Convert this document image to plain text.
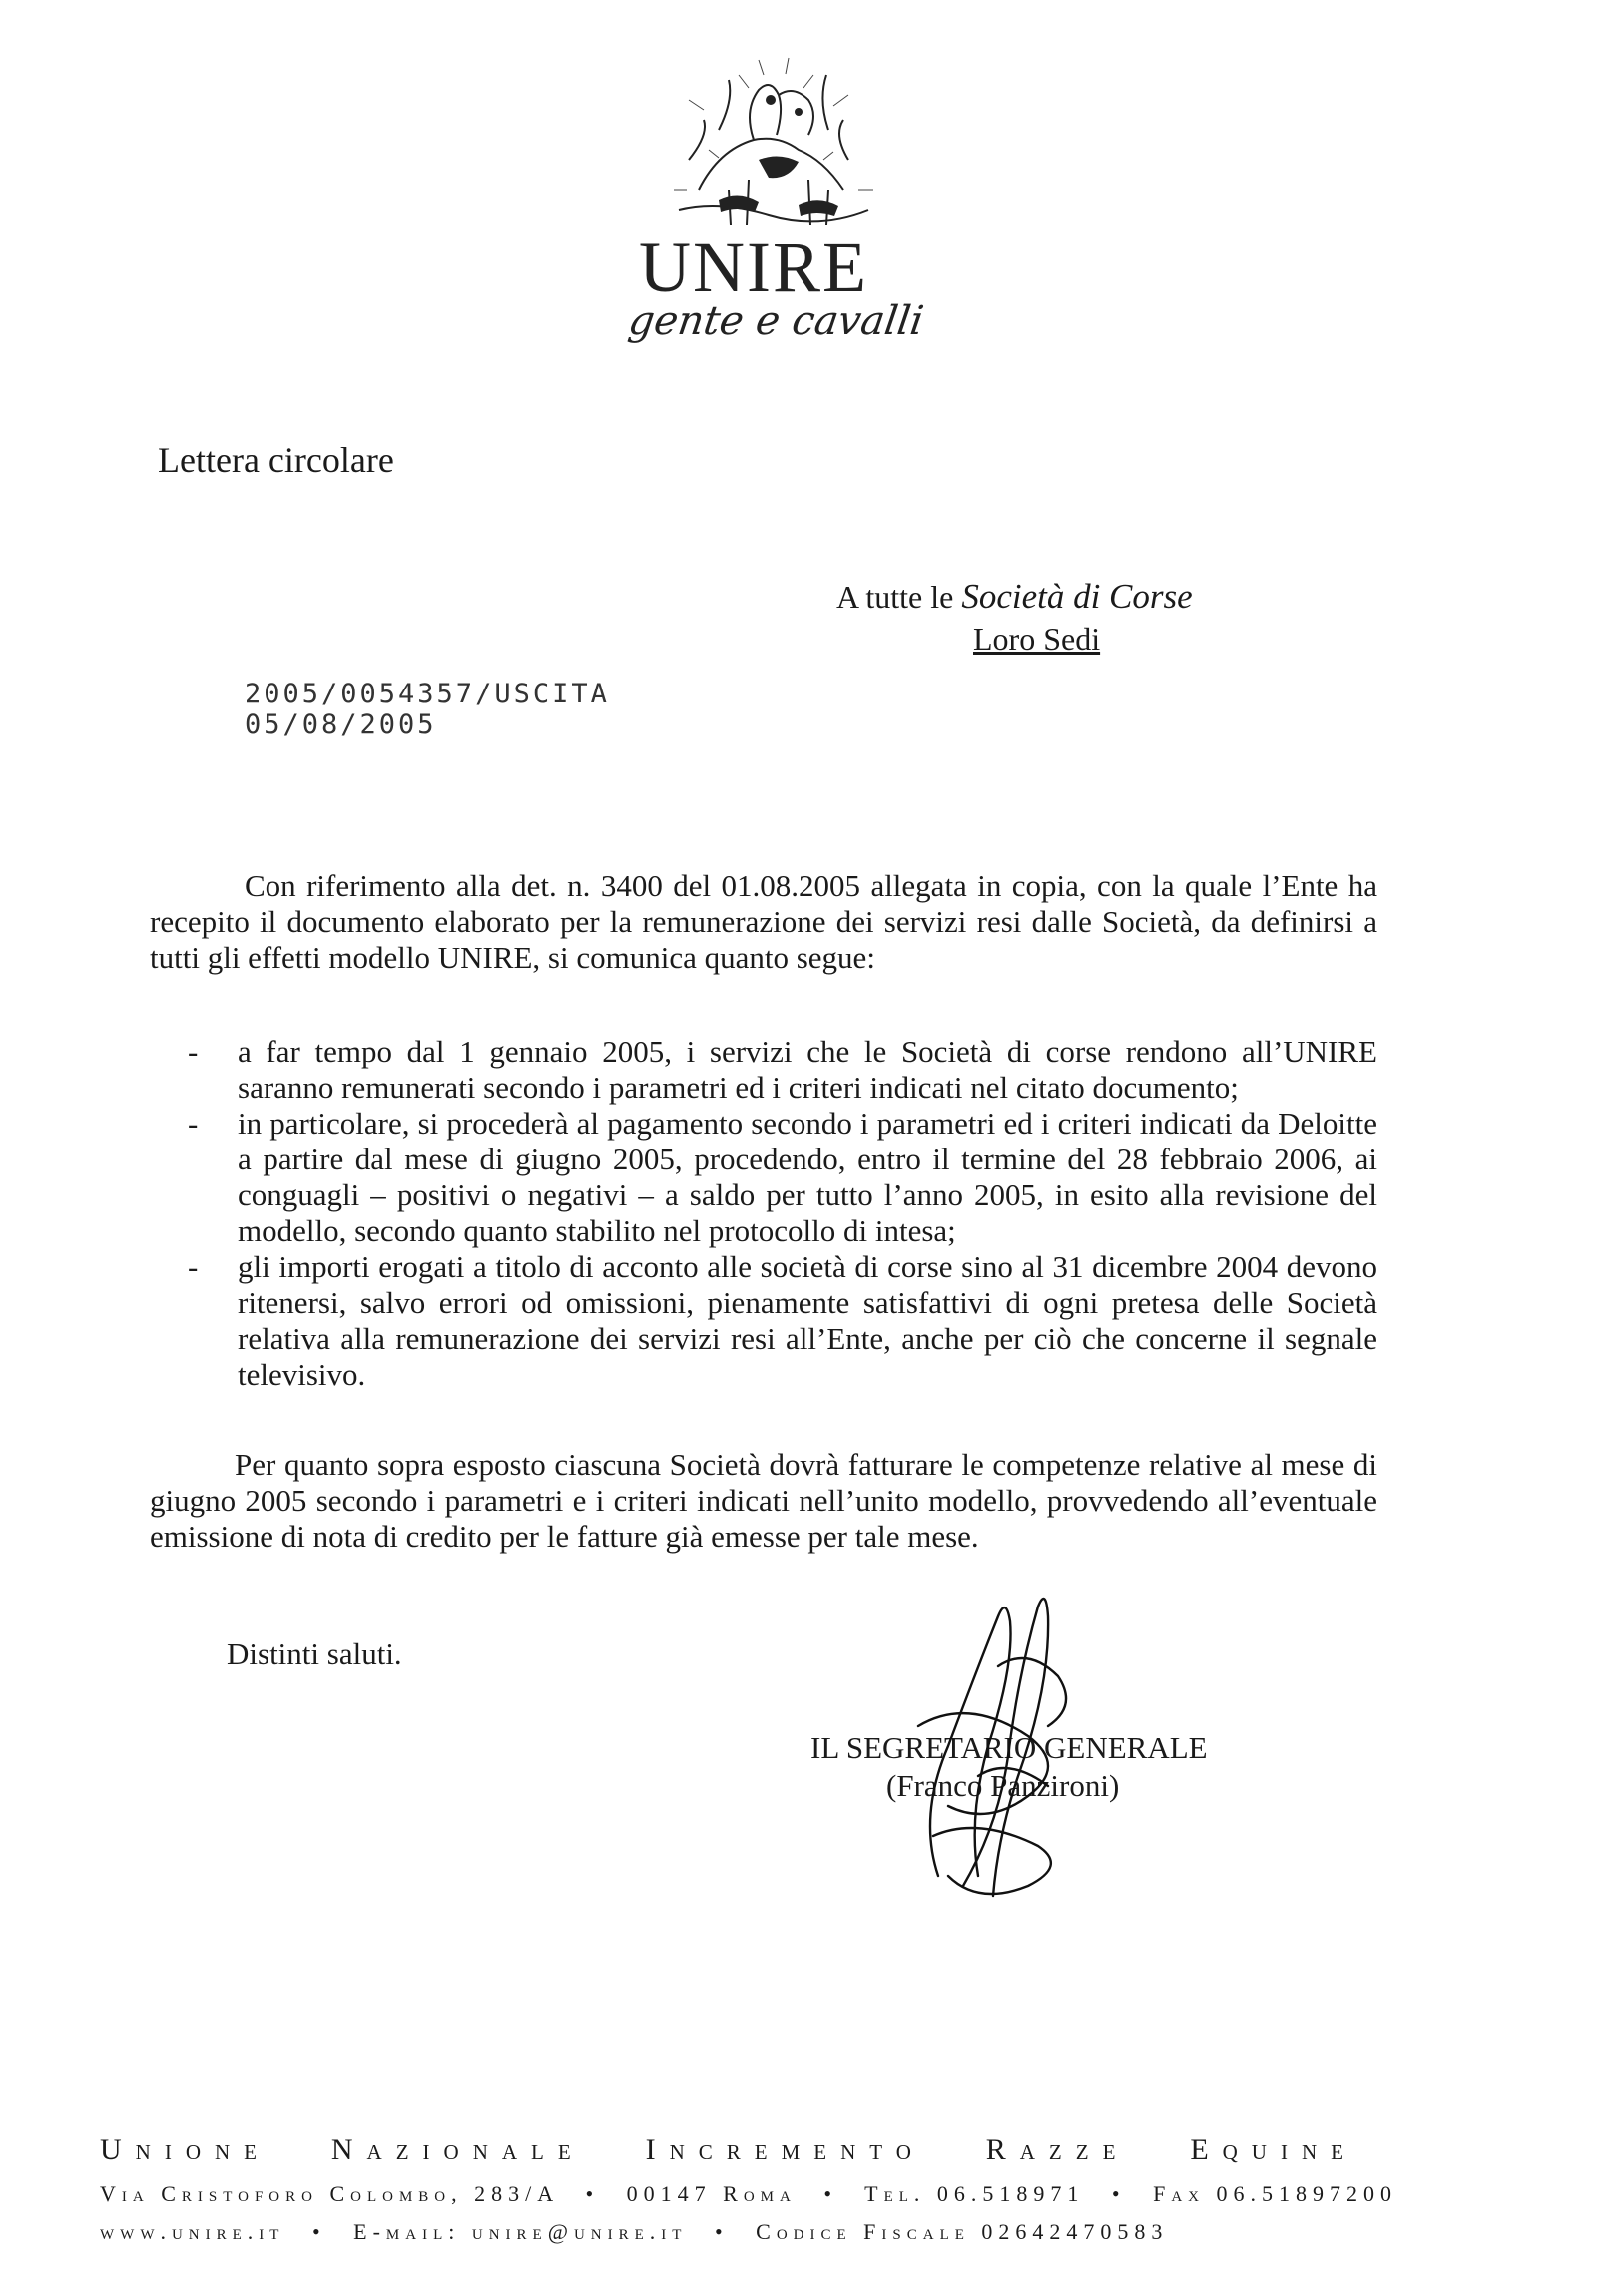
UNIRE
gente e cavalli
Lettera circolare
A tutte le Società di Corse
Loro Sedi
2005/0054357/USCITA
05/08/2005
Con riferimento alla det. n. 3400 del 01.08.2005 allegata in copia, con la quale l’Ente ha recepito il documento elaborato per la remunerazione dei servizi resi dalle Società, da definirsi a tutti gli effetti modello UNIRE, si comunica quanto segue:
- a far tempo dal 1 gennaio 2005, i servizi che le Società di corse rendono all’UNIRE saranno remunerati secondo i parametri ed i criteri indicati nel citato documento;
- in particolare, si procederà al pagamento secondo i parametri ed i criteri indicati da Deloitte a partire dal mese di giugno 2005, procedendo, entro il termine del 28 febbraio 2006, ai conguagli – positivi o negativi – a saldo per tutto l’anno 2005, in esito alla revisione del modello, secondo quanto stabilito nel protocollo di intesa;
- gli importi erogati a titolo di acconto alle società di corse sino al 31 dicembre 2004 devono ritenersi, salvo errori od omissioni, pienamente satisfattivi di ogni pretesa delle Società relativa alla remunerazione dei servizi resi all’Ente, anche per ciò che concerne il segnale televisivo.
Per quanto sopra esposto ciascuna Società dovrà fatturare le competenze relative al mese di giugno 2005 secondo i parametri e i criteri indicati nell’unito modello, provvedendo all’eventuale emissione di nota di credito per le fatture già emesse per tale mese.
Distinti saluti.
IL SEGRETARIO GENERALE
(Franco Panzironi)
Unione Nazionale Incremento Razze Equine
Via Cristoforo Colombo, 283/A • 00147 Roma • Tel. 06.518971 • Fax 06.51897200
www.unire.it • E-mail: unire@unire.it • Codice Fiscale 02642470583
